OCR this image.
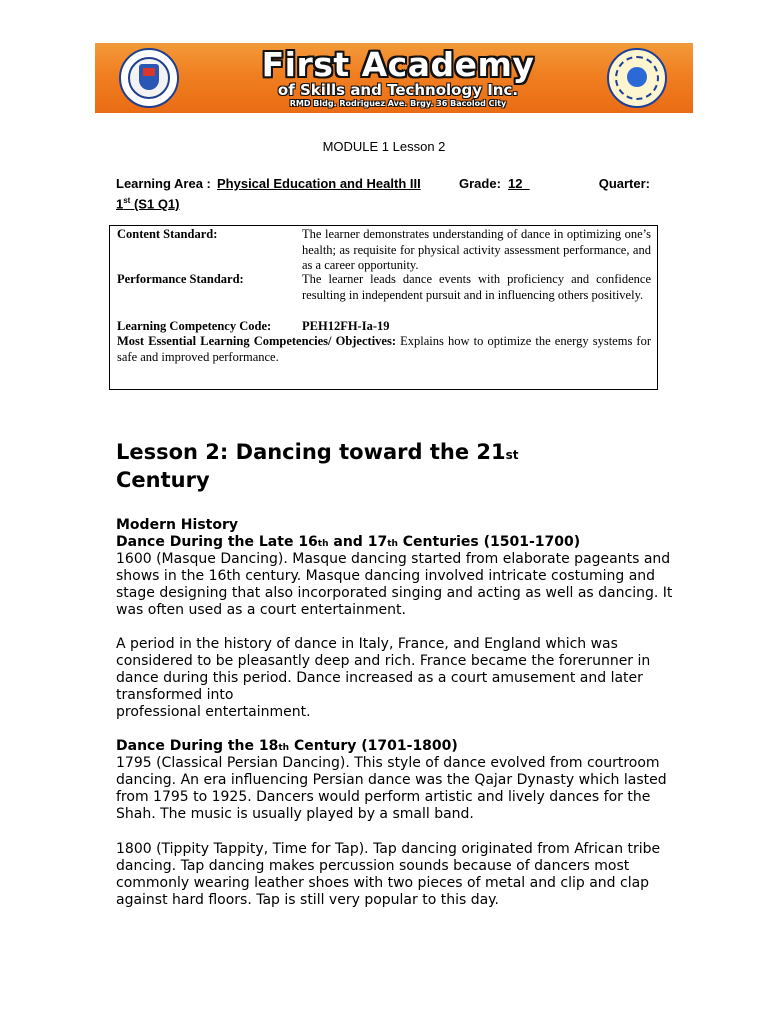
First Academy
of Skills and Technology Inc.
RMD Bldg. Rodriguez Ave. Brgy. 36 Bacolod City
MODULE 1 Lesson 2
Learning Area : Physical Education and Health III	Grade: 12	Quarter:
1st (S1 Q1)
Content Standard:	The learner demonstrates understanding of dance in optimizing one’s health; as requisite for physical activity assessment performance, and as a career opportunity.
Performance Standard:	The learner leads dance events with proficiency and confidence resulting in independent pursuit and in influencing others positively.
Learning Competency Code: PEH12FH-Ia-19
Most Essential Learning Competencies/ Objectives: Explains how to optimize the energy systems for safe and improved performance.
Lesson 2: Dancing toward the 21st
Century
Modern History
Dance During the Late 16th and 17th Centuries (1501-1700)
1600 (Masque Dancing). Masque dancing started from elaborate pageants and shows in the 16th century. Masque dancing involved intricate costuming and stage designing that also incorporated singing and acting as well as dancing. It was often used as a court entertainment.
A period in the history of dance in Italy, France, and England which was considered to be pleasantly deep and rich. France became the forerunner in dance during this period. Dance increased as a court amusement and later transformed into
professional entertainment.
Dance During the 18th Century (1701-1800)
1795 (Classical Persian Dancing). This style of dance evolved from courtroom dancing. An era influencing Persian dance was the Qajar Dynasty which lasted from 1795 to 1925. Dancers would perform artistic and lively dances for the Shah. The music is usually played by a small band.
1800 (Tippity Tappity, Time for Tap). Tap dancing originated from African tribe dancing. Tap dancing makes percussion sounds because of dancers most commonly wearing leather shoes with two pieces of metal and clip and clap against hard floors. Tap is still very popular to this day.
